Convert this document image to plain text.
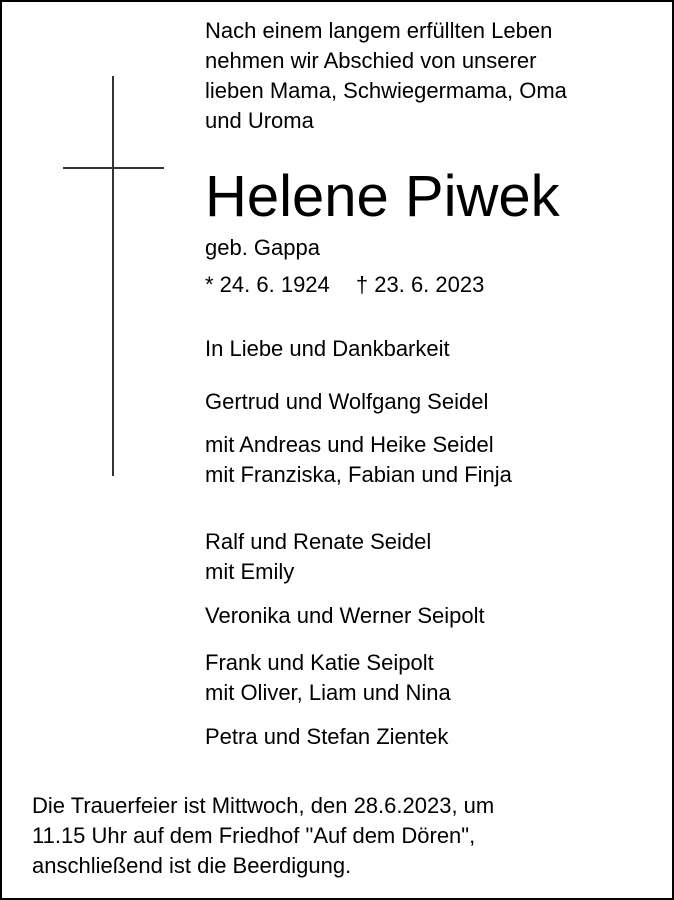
Nach einem langem erfüllten Leben
nehmen wir Abschied von unserer
lieben Mama, Schwiegermama, Oma
und Uroma
Helene Piwek
geb. Gappa
* 24. 6. 1924 † 23. 6. 2023
In Liebe und Dankbarkeit
Gertrud und Wolfgang Seidel
mit Andreas und Heike Seidel
mit Franziska, Fabian und Finja
Ralf und Renate Seidel
mit Emily
Veronika und Werner Seipolt
Frank und Katie Seipolt
mit Oliver, Liam und Nina
Petra und Stefan Zientek
Die Trauerfeier ist Mittwoch, den 28.6.2023, um
11.15 Uhr auf dem Friedhof "Auf dem Dören",
anschließend ist die Beerdigung.
